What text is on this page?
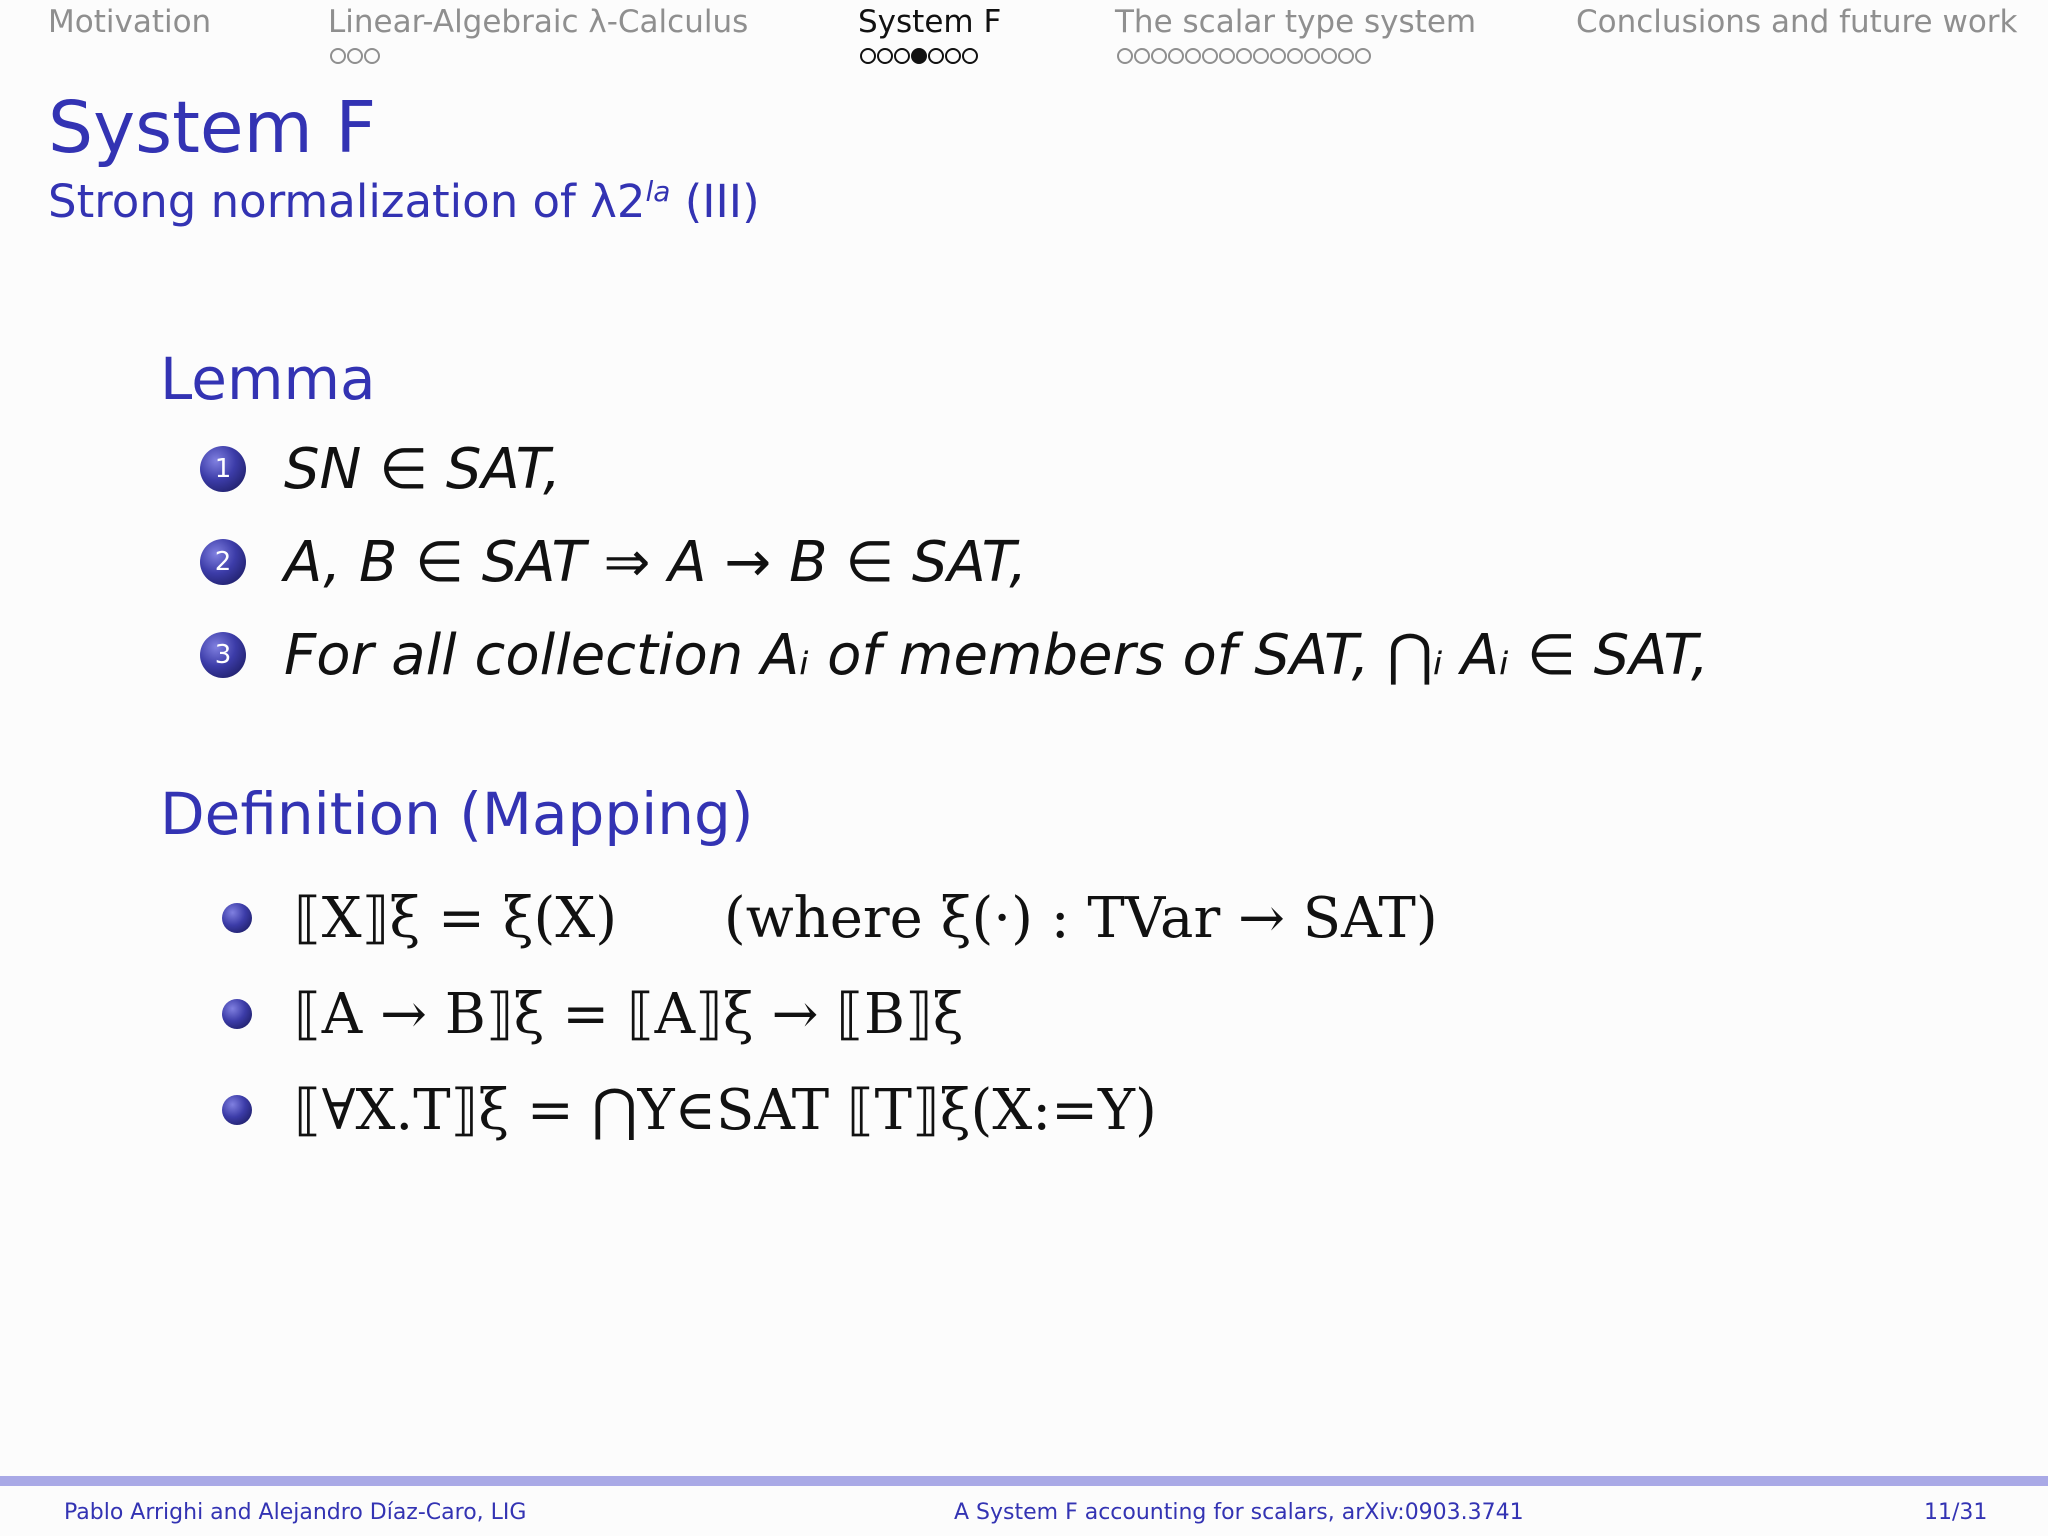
Motivation	Linear-Algebraic λ-Calculus	System F	The scalar type system	Conclusions and future work
System F
Strong normalization of $\lambda 2^{la}$ (III)
Lemma
1 SN ∈ SAT,
2 A, B ∈ SAT ⇒ A → B ∈ SAT,
3 For all collection Aᵢ of members of SAT, ⋂ᵢ Aᵢ ∈ SAT,
Definition (Mapping)
⟦X⟧ξ = ξ(X)      (where ξ(·) : TVar → SAT)
⟦A → B⟧ξ = ⟦A⟧ξ → ⟦B⟧ξ
⟦∀X.T⟧ξ = ⋂Y∈SAT ⟦T⟧ξ(X:=Y)
Pablo Arrighi and Alejandro Díaz-Caro, LIG	A System F accounting for scalars, arXiv:0903.3741	11/31
